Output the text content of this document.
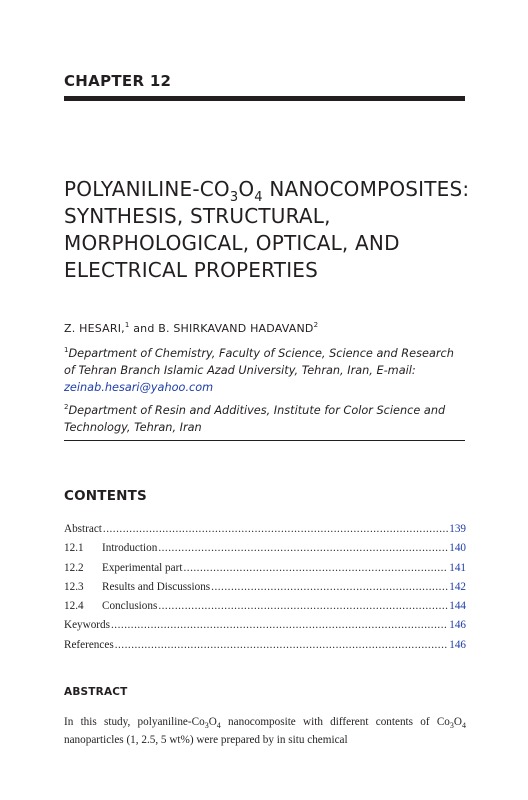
CHAPTER 12
POLYANILINE-$CO_3O_4$ NANOCOMPOSITES: SYNTHESIS, STRUCTURAL, MORPHOLOGICAL, OPTICAL, AND ELECTRICAL PROPERTIES
Z. HESARI,$^1$ and B. SHIRKAVAND HADAVAND$^2$
$^1$Department of Chemistry, Faculty of Science, Science and Research of Tehran Branch Islamic Azad University, Tehran, Iran, E-mail: zeinab.hesari@yahoo.com
$^2$Department of Resin and Additives, Institute for Color Science and Technology, Tehran, Iran
CONTENTS
Abstract .....	139
12.1	Introduction .....	140
12.2	Experimental part .....	141
12.3	Results and Discussions .....	142
12.4	Conclusions .....	144
Keywords .....	146
References .....	146
ABSTRACT
In this study, polyaniline-$Co_3O_4$ nanocomposite with different contents of $Co_3O_4$ nanoparticles (1, 2.5, 5 wt%) were prepared by in situ chemical
